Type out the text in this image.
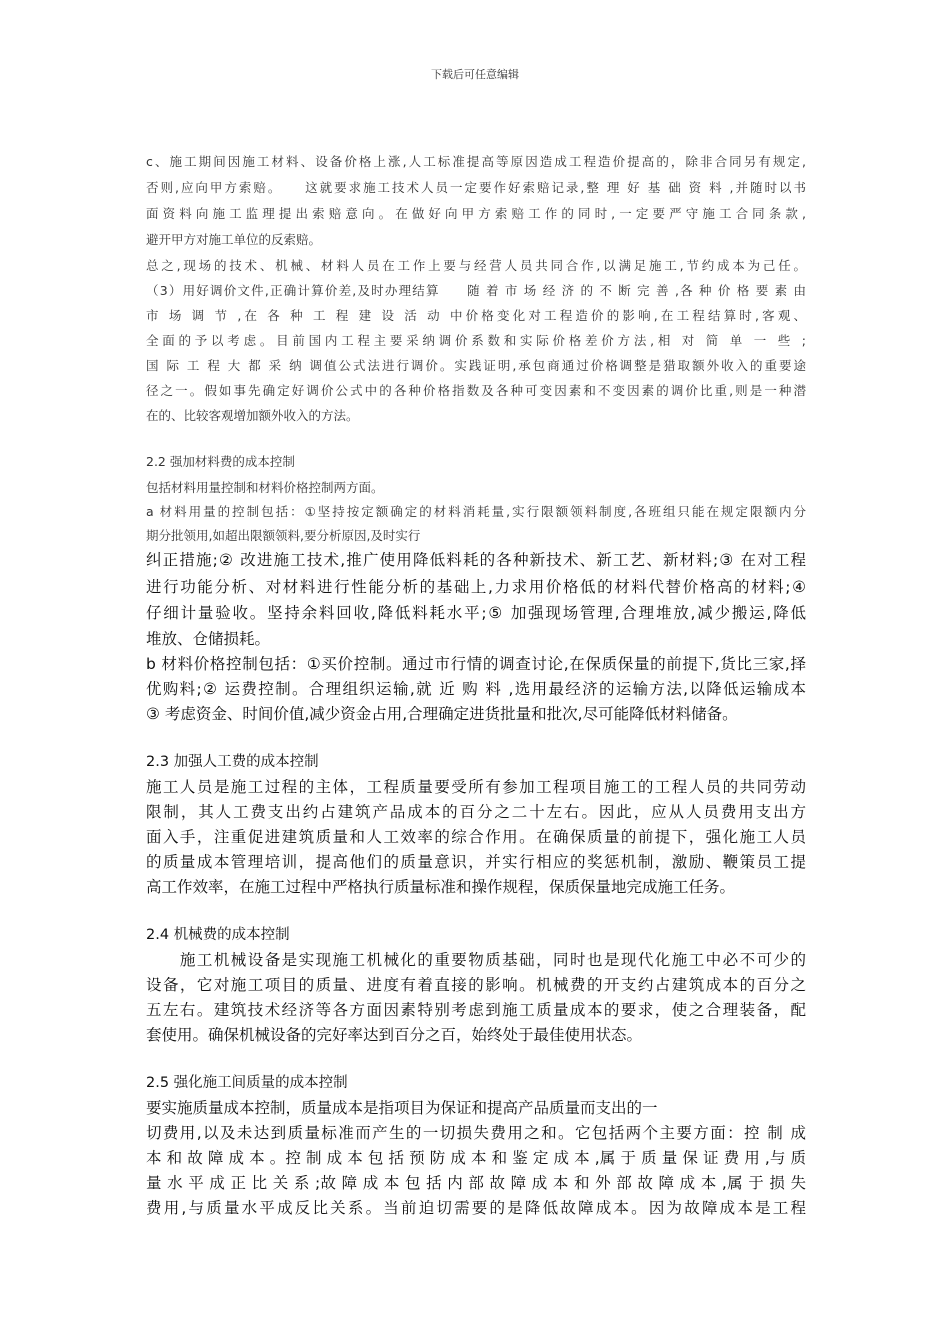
下载后可任意编辑
c、施工期间因施工材料、设备价格上涨,人工标准提高等原因造成工程造价提高的，除非合同另有规定,
否则,应向甲方索赔。　　这就要求施工技术人员一定要作好索赔记录,整 理 好 基 础 资 料 ,并随时以书
面资料向施工监理提出索赔意向。在做好向甲方索赔工作的同时,一定要严守施工合同条款,
避开甲方对施工单位的反索赔。
总之,现场的技术、机械、材料人员在工作上要与经营人员共同合作,以满足施工,节约成本为己任。
（3）用好调价文件,正确计算价差,及时办理结算　　随 着 市 场 经 济 的 不 断 完 善 ,各 种 价 格 要 素 由
市 场 调 节 ,在 各 种 工 程 建 设 活 动 中价格变化对工程造价的影响,在工程结算时,客观、
全面的予以考虑。目前国内工程主要采纳调价系数和实际价格差价方法,相 对 简 单 一 些 ;
国 际 工 程 大 都 采 纳 调值公式法进行调价。实践证明,承包商通过价格调整是猎取额外收入的重要途
径之一。假如事先确定好调价公式中的各种价格指数及各种可变因素和不变因素的调价比重,则是一种潜
在的、比较客观增加额外收入的方法。
2.2 强加材料费的成本控制
包括材料用量控制和材料价格控制两方面。
a 材料用量的控制包括：①坚持按定额确定的材料消耗量,实行限额领料制度,各班组只能在规定限额内分
期分批领用,如超出限额领料,要分析原因,及时实行
纠正措施;② 改进施工技术,推广使用降低料耗的各种新技术、新工艺、新材料;③ 在对工程
进行功能分析、对材料进行性能分析的基础上,力求用价格低的材料代替价格高的材料;④
仔细计量验收。坚持余料回收,降低料耗水平;⑤ 加强现场管理,合理堆放,减少搬运,降低
堆放、仓储损耗。
b 材料价格控制包括：①买价控制。通过市行情的调查讨论,在保质保量的前提下,货比三家,择
优购料;② 运费控制。合理组织运输,就 近 购 料 ,选用最经济的运输方法,以降低运输成本
③ 考虑资金、时间价值,减少资金占用,合理确定进货批量和批次,尽可能降低材料储备。
2.3 加强人工费的成本控制
施工人员是施工过程的主体，工程质量要受所有参加工程项目施工的工程人员的共同劳动
限制，其人工费支出约占建筑产品成本的百分之二十左右。因此，应从人员费用支出方
面入手，注重促进建筑质量和人工效率的综合作用。在确保质量的前提下，强化施工人员
的质量成本管理培训，提高他们的质量意识，并实行相应的奖惩机制，激励、鞭策员工提
高工作效率，在施工过程中严格执行质量标准和操作规程，保质保量地完成施工任务。
2.4 机械费的成本控制
　　施工机械设备是实现施工机械化的重要物质基础，同时也是现代化施工中必不可少的
设备，它对施工项目的质量、进度有着直接的影响。机械费的开支约占建筑成本的百分之
五左右。建筑技术经济等各方面因素特别考虑到施工质量成本的要求，使之合理装备，配
套使用。确保机械设备的完好率达到百分之百，始终处于最佳使用状态。
2.5 强化施工间质量的成本控制
要实施质量成本控制，质量成本是指项目为保证和提高产品质量而支出的一
切费用,以及未达到质量标准而产生的一切损失费用之和。它包括两个主要方面：控 制 成
本 和 故 障 成 本 。控 制 成 本 包 括 预 防 成 本 和 鉴 定 成 本 ,属 于 质 量 保 证 费 用 ,与 质
量 水 平 成 正 比 关 系 ;故 障 成 本 包 括 内 部 故 障 成 本 和 外 部 故 障 成 本 ,属 于 损 失
费用,与质量水平成反比关系。当前迫切需要的是降低故障成本。因为故障成本是工程
